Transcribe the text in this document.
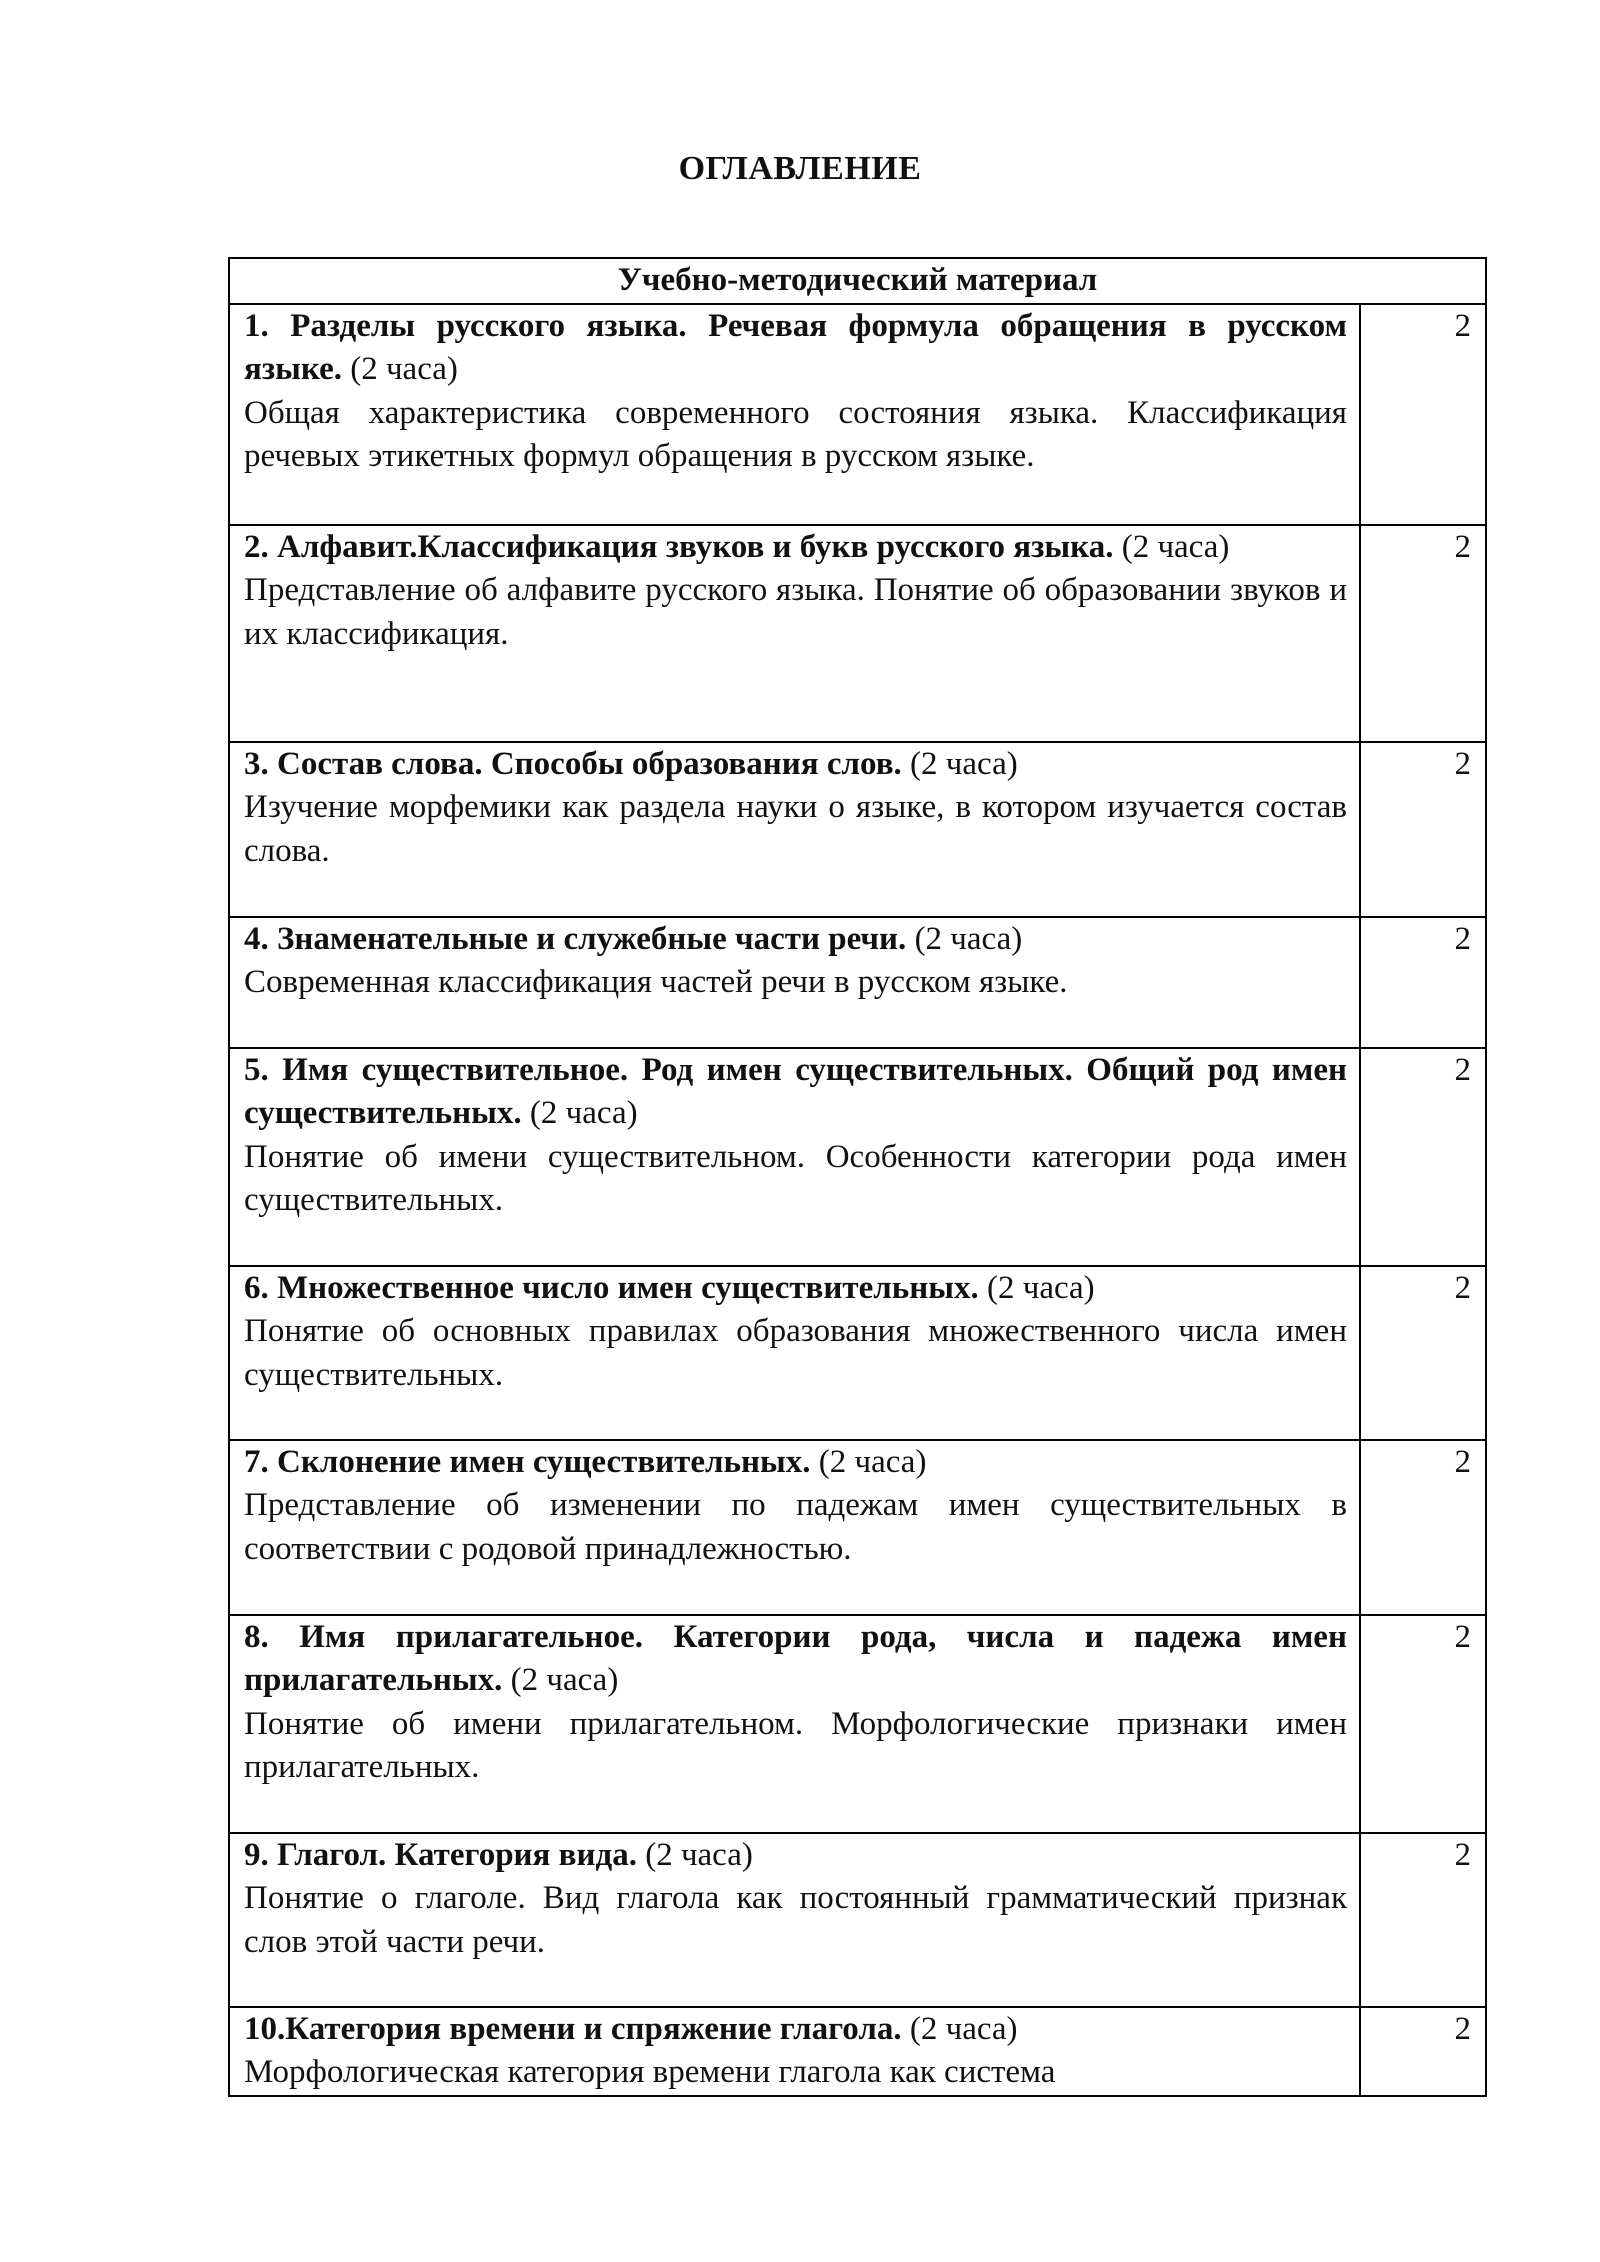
ОГЛАВЛЕНИЕ
Учебно-методический материал	
1. Разделы русского языка. Речевая формула обращения в русском языке. (2 часа)
Общая характеристика современного состояния языка. Классификация речевых этикетных формул обращения в русском языке.	2
2. Алфавит.Классификация звуков и букв русского языка. (2 часа)
Представление об алфавите русского языка. Понятие об образовании звуков и их классификация.	2
3. Состав слова. Способы образования слов. (2 часа)
Изучение морфемики как раздела науки о языке, в котором изучается состав слова.	2
4. Знаменательные и служебные части речи. (2 часа)
Современная классификация частей речи в русском языке.	2
5. Имя существительное. Род имен существительных. Общий род имен существительных. (2 часа)
Понятие об имени существительном. Особенности категории рода имен существительных.	2
6. Множественное число имен существительных. (2 часа)
Понятие об основных правилах образования множественного числа имен существительных.	2
7. Склонение имен существительных. (2 часа)
Представление об изменении по падежам имен существительных в соответствии с родовой принадлежностью.	2
8. Имя прилагательное. Категории рода, числа и падежа имен прилагательных. (2 часа)
Понятие об имени прилагательном. Морфологические признаки имен прилагательных.	2
9. Глагол. Категория вида. (2 часа)
Понятие о глаголе. Вид глагола как постоянный грамматический признак слов этой части речи.	2
10.Категория времени и спряжение глагола. (2 часа)
Морфологическая категория времени глагола как система	2
